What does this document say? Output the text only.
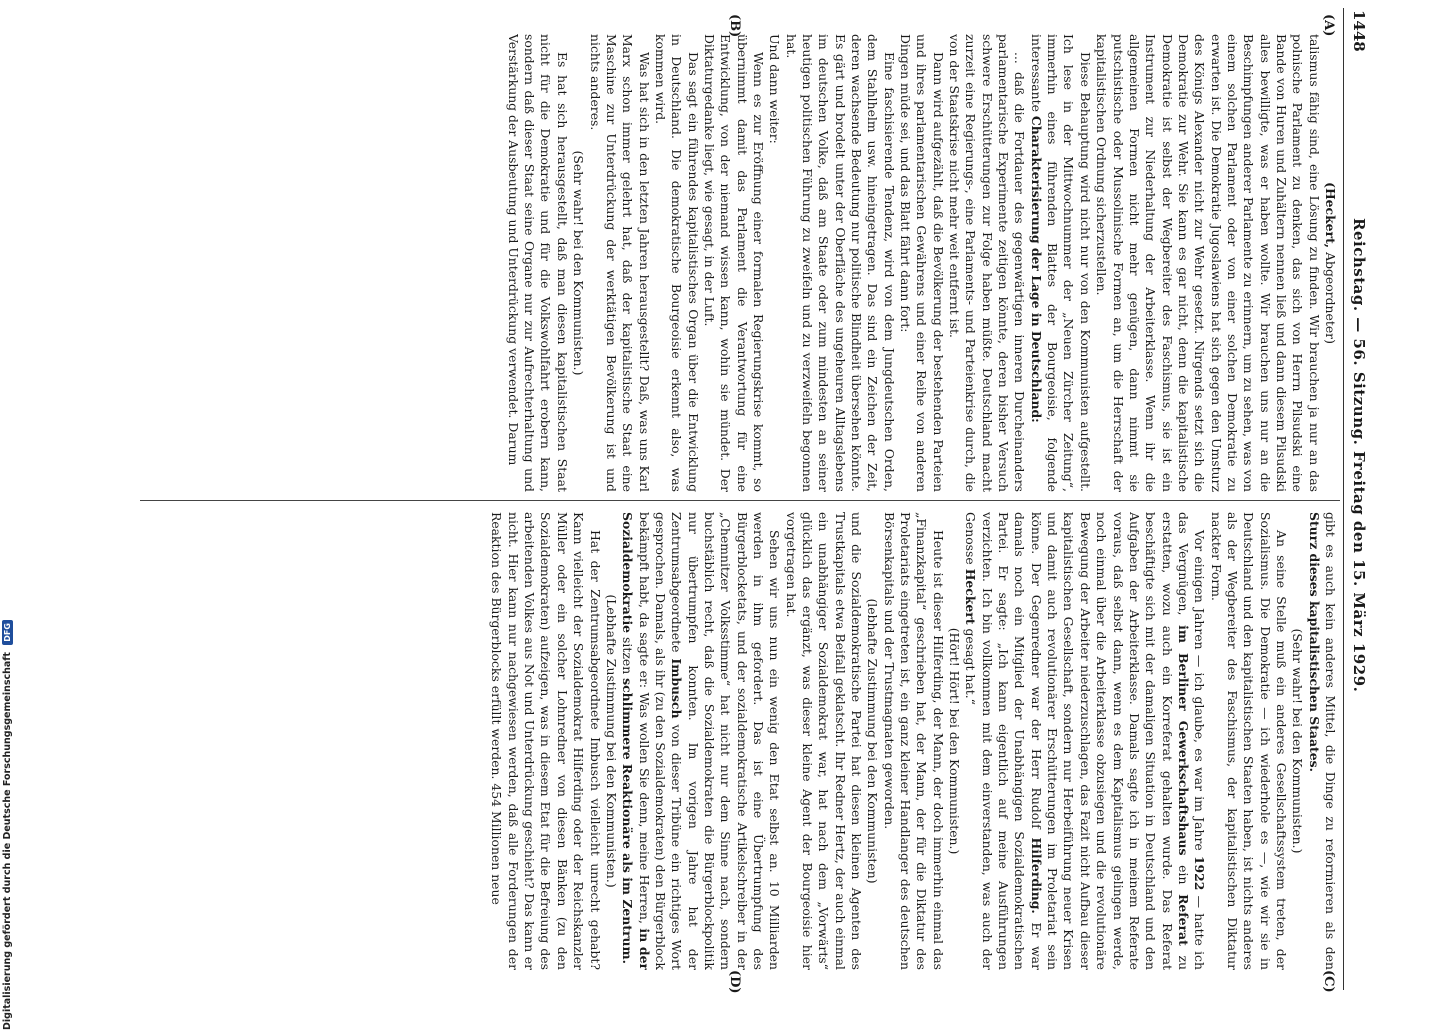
1448
Reichstag. — 56. Sitzung. Freitag den 15. März 1929.
(A)
(B)
(C)
(D)

(Heckert, Abgeordneter)

talismus fähig sind, eine Lösung zu finden. Wir brauchen ja nur an das polnische Parlament zu denken, das sich von Herrn Pilsudski eine Bande von Huren und Zuhältern nennen ließ und dann diesem Pilsudski alles bewilligte, was er haben wollte. Wir brauchen uns nur an die Beschimpfungen anderer Parlamente zu erinnern, um zu sehen, was von einem solchen Parlament oder von einer solchen Demokratie zu erwarten ist. Die Demokratie Jugoslawiens hat sich gegen den Umsturz des Königs Alexander nicht zur Wehr gesetzt. Nirgends setzt sich die Demokratie zur Wehr. Sie kann es gar nicht, denn die kapitalistische Demokratie ist selbst der Wegbereiter des Faschismus, sie ist ein Instrument zur Niederhaltung der Arbeiterklasse. Wenn ihr die allgemeinen Formen nicht mehr genügen, dann nimmt sie putschistische oder Mussolinische Formen an, um die Herrschaft der kapitalistischen Ordnung sicherzustellen.

Diese Behauptung wird nicht nur von den Kommunisten aufgestellt. Ich lese in der Mittwochnummer der „Neuen Zürcher Zeitung“, immerhin eines führenden Blattes der Bourgeoisie, folgende interessante Charakterisierung der Lage in Deutschland:

... daß die Fortdauer des gegenwärtigen inneren Durcheinanders parlamentarische Experimente zeitigen könnte, deren bisher Versuch schwere Erschütterungen zur Folge haben müßte. Deutschland macht zurzeit eine Regierungs-, eine Parlaments- und Parteienkrise durch, die von der Staatskrise nicht mehr weit entfernt ist.

Dann wird aufgezählt, daß die Bevölkerung der bestehenden Parteien und ihres parlamentarischen Gewährens und einer Reihe von anderen Dingen müde sei, und das Blatt fährt dann fort:

Eine faschisierende Tendenz, wird von dem Jungdeutschen Orden, dem Stahlhelm usw. hineingetragen. Das sind ein Zeichen der Zeit, deren wachsende Bedeutung nur politische Blindheit übersehen könnte. Es gärt und brodelt unter der Oberfläche des ungeheuren Alltagslebens im deutschen Volke, daß am Staate oder zum mindesten an seiner heutigen politischen Führung zu zweifeln und zu verzweifeln begonnen hat.

Und dann weiter:

Wenn es zur Eröffnung einer formalen Regierungskrise kommt, so übernimmt damit das Parlament die Verantwortung für eine Entwicklung, von der niemand wissen kann, wohin sie mündet. Der Diktaturgedanke liegt, wie gesagt, in der Luft.

Das sagt ein führendes kapitalistisches Organ über die Entwicklung in Deutschland. Die demokratische Bourgeoisie erkennt also, was kommen wird.

Was hat sich in den letzten Jahren herausgestellt? Daß, was uns Karl Marx schon immer gelehrt hat, daß der kapitalistische Staat eine Maschine zur Unterdrückung der werktätigen Bevölkerung ist und nichts anderes.

(Sehr wahr! bei den Kommunisten.)

Es hat sich herausgestellt, daß man diesen kapitalistischen Staat nicht für die Demokratie und für die Volkswohlfahrt erobern kann, sondern daß dieser Staat seine Organe nur zur Aufrechterhaltung und Verstärkung der Ausbeutung und Unterdrückung verwendet. Darum

gibt es auch kein anderes Mittel, die Dinge zu reformieren als den Sturz dieses kapitalistischen Staates.

(Sehr wahr! bei den Kommunisten.)

An seine Stelle muß ein anderes Gesellschaftssystem treten, der Sozialismus. Die Demokratie — ich wiederhole es —, wie wir sie in Deutschland und den kapitalistischen Staaten haben, ist nichts anderes als der Wegbereiter des Faschismus, der kapitalistischen Diktatur nackter Form.

Vor einigen Jahren — ich glaube, es war im Jahre 1922 — hatte ich das Vergnügen, im Berliner Gewerkschaftshaus ein Referat zu erstatten, wozu auch ein Korreferat gehalten wurde. Das Referat beschäftigte sich mit der damaligen Situation in Deutschland und den Aufgaben der Arbeiterklasse. Damals sagte ich in meinem Referate voraus, daß selbst dann, wenn es dem Kapitalismus gelingen werde, noch einmal über die Arbeiterklasse obzusiegen und die revolutionäre Bewegung der Arbeiter niederzuschlagen, das Fazit nicht Aufbau dieser kapitalistischen Gesellschaft, sondern nur Herbeiführung neuer Krisen und damit auch revolutionärer Erschütterungen im Proletariat sein könne. Der Gegenredner war der Herr Rudolf Hilferding. Er war damals noch ein Mitglied der Unabhängigen Sozialdemokratischen Partei. Er sagte: „Ich kann eigentlich auf meine Ausführungen verzichten. Ich bin vollkommen mit dem einverstanden, was auch der Genosse Heckert gesagt hat.“

(Hört! Hört! bei den Kommunisten.)

Heute ist dieser Hilferding, der Mann, der doch immerhin einmal das „Finanzkapital“ geschrieben hat, der Mann, der für die Diktatur des Proletariats eingetreten ist, ein ganz kleiner Handlanger des deutschen Börsenkapitals und der Trustmagnaten geworden.

(lebhafte Zustimmung bei den Kommunisten)

und die Sozialdemokratische Partei hat diesen kleinen Agenten des Trustkapitals etwa Beifall geklatscht. Ihr Redner Hertz, der auch einmal ein unabhängiger Sozialdemokrat war, hat nach dem „Vorwärts“ glücklich das ergänzt, was dieser kleine Agent der Bourgeoisie hier vorgetragen hat.

Sehen wir uns nun ein wenig den Etat selbst an. 10 Milliarden werden in ihm gefordert. Das ist eine Übertrumpfung des Bürgerblocketats, und der sozialdemokratische Artikelschreiber in der „Chemnitzer Volksstimme“ hat nicht nur dem Sinne nach, sondern buchstäblich recht, daß die Sozialdemokraten die Bürgerblockpolitik nur übertrumpfen konnten. Im vorigen Jahre hat der Zentrumsabgeordnete Imbusch von dieser Tribüne ein richtiges Wort gesprochen. Damals, als ihr (zu den Sozialdemokraten) den Bürgerblock bekämpft habt, da sagte er: Was wollen Sie denn, meine Herren, in der Sozialdemokratie sitzen schlimmere Reaktionäre als im Zentrum.

(Lebhafte Zustimmung bei den Kommunisten.)

Hat der Zentrumsabgeordnete Imbusch vielleicht unrecht gehabt? Kann vielleicht der Sozialdemokrat Hilferding oder der Reichskanzler Müller oder ein solcher Lohnredner von diesen Bänken (zu den Sozialdemokraten) aufzeigen, was in diesem Etat für die Befreiung des arbeitenden Volkes aus Not und Unterdrückung geschieht? Das kann er nicht. Hier kann nur nachgewiesen werden, daß alle Forderungen der Reaktion des Bürgerblocks erfüllt werden. 454 Millionen neue

Digitalisierung gefördert durch die Deutsche Forschungsgemeinschaft DFG
